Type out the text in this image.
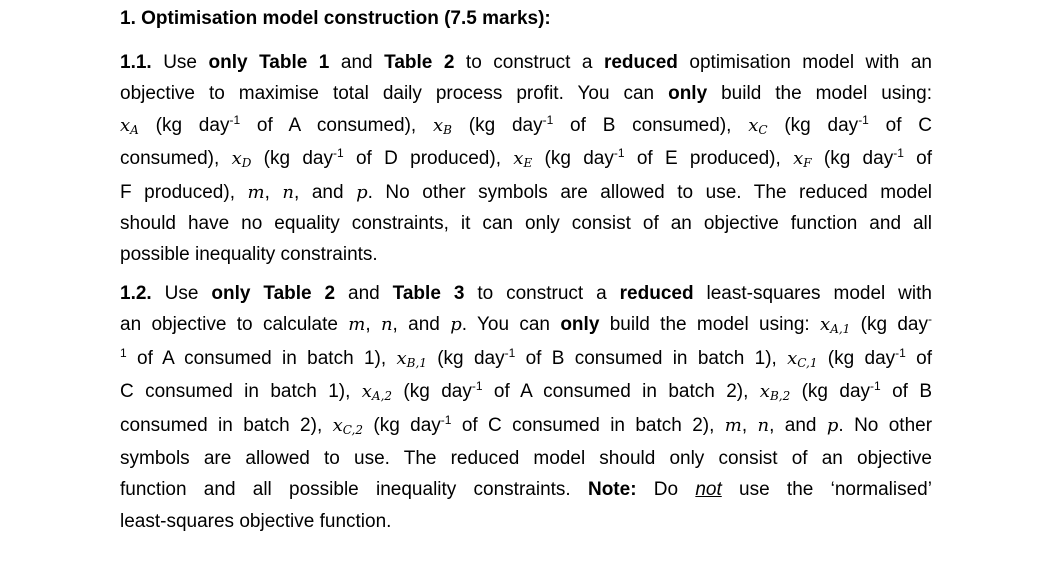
1. Optimisation model construction (7.5 marks):
1.1. Use only Table 1 and Table 2 to construct a reduced optimisation model with an
objective to maximise total daily process profit. You can only build the model using:
$x_A$ (kg day$^{-1}$ of A consumed), $x_B$ (kg day$^{-1}$ of B consumed), $x_C$ (kg day$^{-1}$ of C
consumed), $x_D$ (kg day$^{-1}$ of D produced), $x_E$ (kg day$^{-1}$ of E produced), $x_F$ (kg day$^{-1}$ of
F produced), m, n, and p. No other symbols are allowed to use. The reduced model
should have no equality constraints, it can only consist of an objective function and all
possible inequality constraints.
1.2. Use only Table 2 and Table 3 to construct a reduced least-squares model with
an objective to calculate m, n, and p. You can only build the model using: $x_{A,1}$ (kg day-
$^1$ of A consumed in batch 1), $x_{B,1}$ (kg day$^{-1}$ of B consumed in batch 1), $x_{C,1}$ (kg day$^{-1}$ of
C consumed in batch 1), $x_{A,2}$ (kg day$^{-1}$ of A consumed in batch 2), $x_{B,2}$ (kg day$^{-1}$ of B
consumed in batch 2), $x_{C,2}$ (kg day$^{-1}$ of C consumed in batch 2), m, n, and p. No other
symbols are allowed to use. The reduced model should only consist of an objective
function and all possible inequality constraints. Note: Do not use the ‘normalised’
least-squares objective function.
